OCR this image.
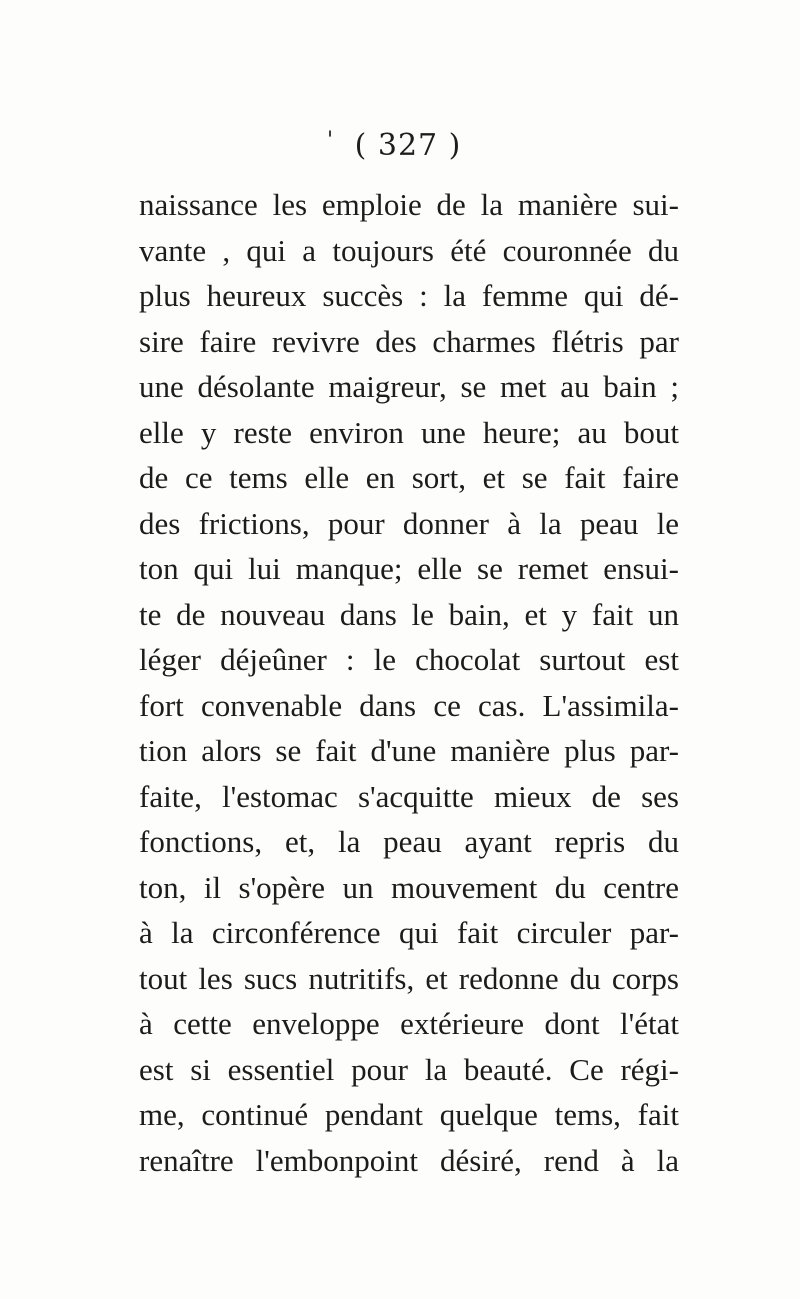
' ( 327 )
naissance les emploie de la manière sui-
vante , qui a toujours été couronnée du
plus heureux succès : la femme qui dé-
sire faire revivre des charmes flétris par
une désolante maigreur, se met au bain ;
elle y reste environ une heure; au bout
de ce tems elle en sort, et se fait faire
des frictions, pour donner à la peau le
ton qui lui manque; elle se remet ensui-
te de nouveau dans le bain, et y fait un
léger déjeûner : le chocolat surtout est
fort convenable dans ce cas. L'assimila-
tion alors se fait d'une manière plus par-
faite, l'estomac s'acquitte mieux de ses
fonctions, et, la peau ayant repris du
ton, il s'opère un mouvement du centre
à la circonférence qui fait circuler par-
tout les sucs nutritifs, et redonne du corps
à cette enveloppe extérieure dont l'état
est si essentiel pour la beauté. Ce régi-
me, continué pendant quelque tems, fait
renaître l'embonpoint désiré, rend à la
